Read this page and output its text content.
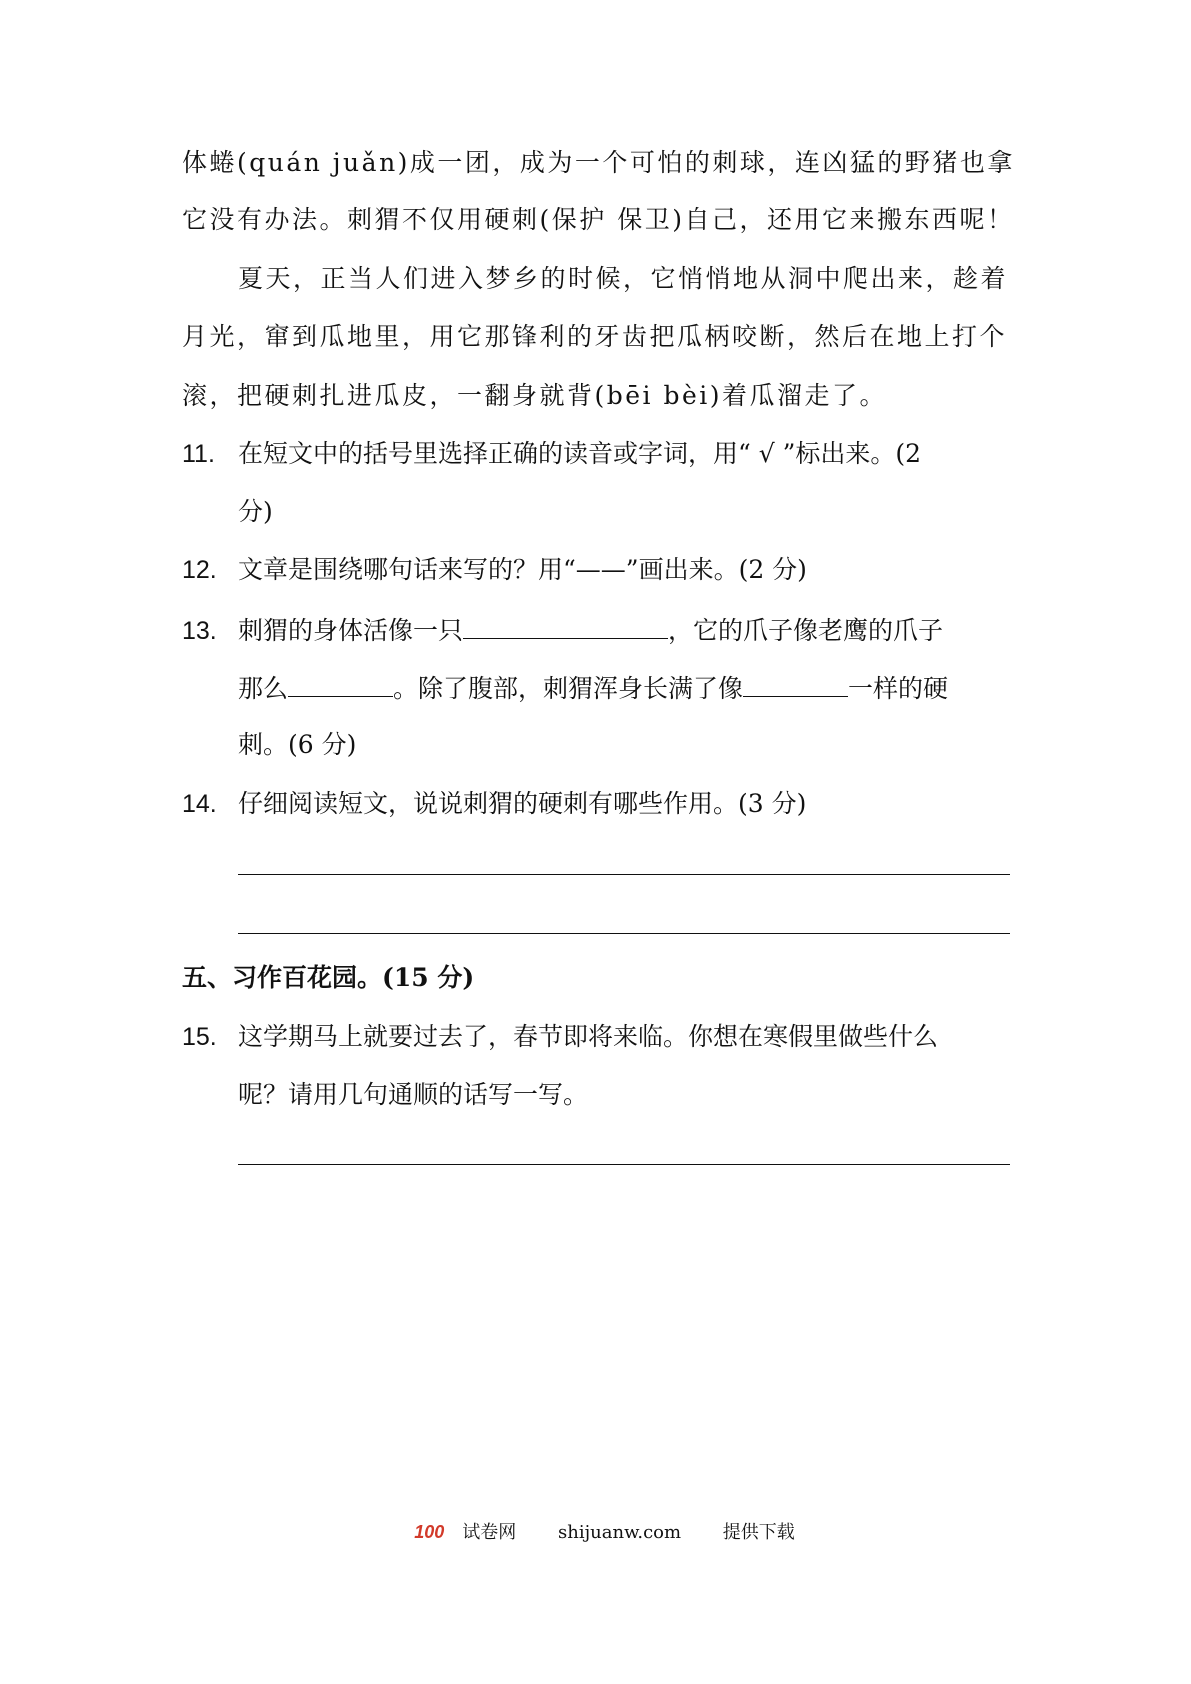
体蜷(quán juǎn)成一团，成为一个可怕的刺球，连凶猛的野猪也拿
它没有办法。刺猬不仅用硬刺(保护 保卫)自己，还用它来搬东西呢！
夏天，正当人们进入梦乡的时候，它悄悄地从洞中爬出来，趁着
月光，窜到瓜地里，用它那锋利的牙齿把瓜柄咬断，然后在地上打个
滚，把硬刺扎进瓜皮，一翻身就背(bēi bèi)着瓜溜走了。
11. 在短文中的括号里选择正确的读音或字词，用“ √ ”标出来。(2
分)
12. 文章是围绕哪句话来写的？用“——”画出来。(2 分)
13. 刺猬的身体活像一只	，它的爪子像老鹰的爪子
那么	。除了腹部，刺猬浑身长满了像	一样的硬
刺。(6 分)
14. 仔细阅读短文，说说刺猬的硬刺有哪些作用。(3 分)
五、习作百花园。(15 分)
15. 这学期马上就要过去了，春节即将来临。你想在寒假里做些什么
呢？请用几句通顺的话写一写。
100 试卷网 shijuanw.com 提供下载
